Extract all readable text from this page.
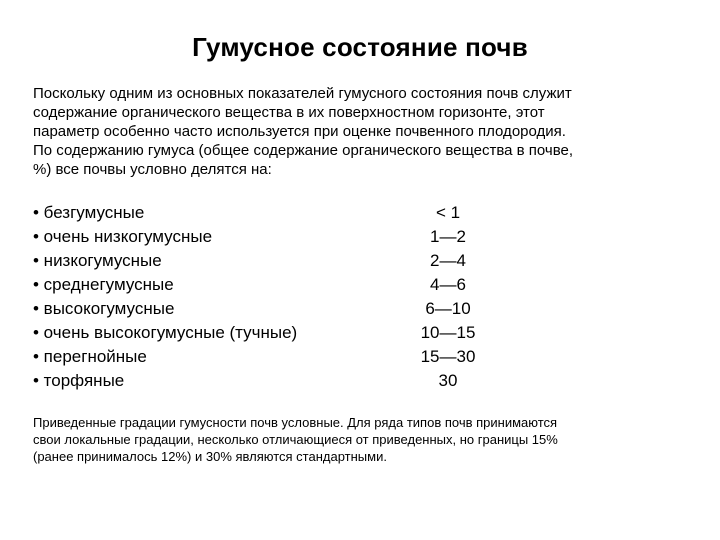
Гумусное состояние почв
Поскольку одним из основных показателей гумусного состояния почв служит
содержание органического вещества в их поверхностном горизонте, этот
параметр особенно часто используется при оценке почвенного плодородия.
По содержанию гумуса (общее содержание органического вещества в почве,
%) все почвы условно делятся на:
• безгумусные	< 1
• очень низкогумусные	1—2
• низкогумусные	2—4
• среднегумусные	4—6
• высокогумусные	6—10
• очень высокогумусные (тучные)	10—15
• перегнойные	15—30
• торфяные	30
Приведенные градации гумусности почв условные. Для ряда типов почв принимаются
свои локальные градации, несколько отличающиеся от приведенных, но границы 15%
(ранее принималось 12%) и 30% являются стандартными.
